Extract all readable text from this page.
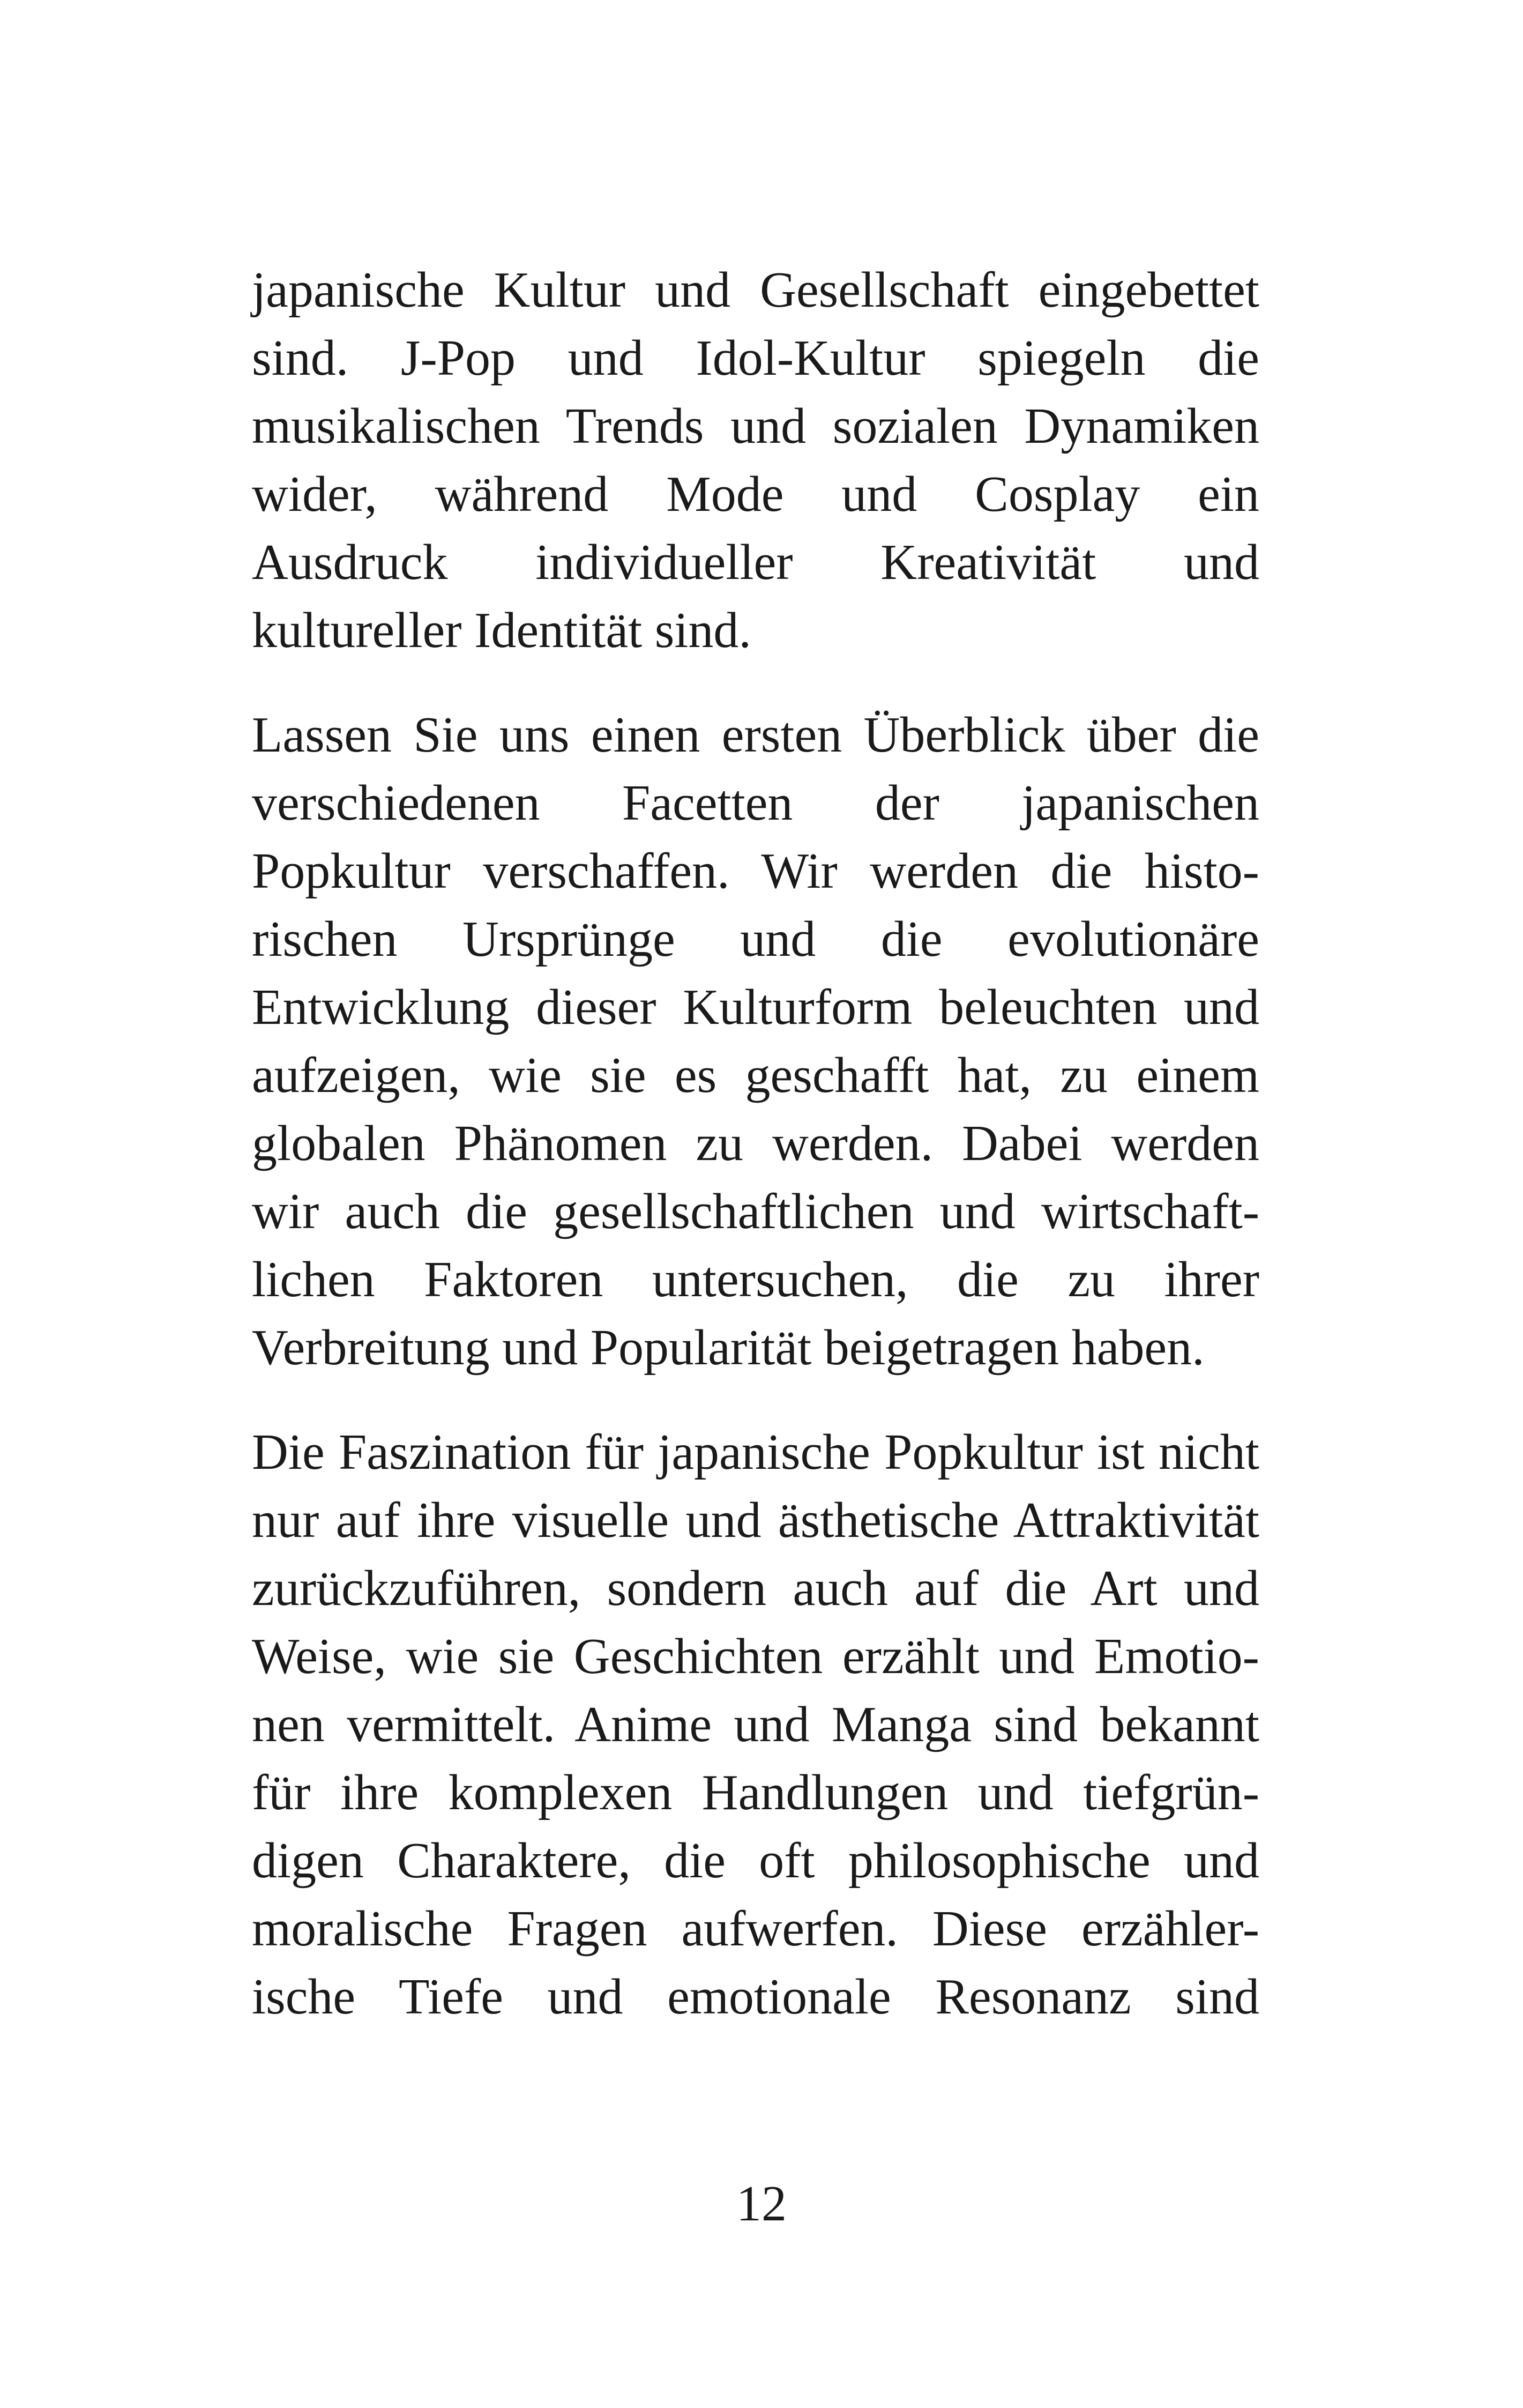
japanische Kultur und Gesellschaft eingebettet
sind. J-Pop und Idol-Kultur spiegeln die
musikalischen Trends und sozialen Dynamiken
wider, während Mode und Cosplay ein
Ausdruck individueller Kreativität und
kultureller Identität sind.
Lassen Sie uns einen ersten Überblick über die
verschiedenen Facetten der japanischen
Popkultur verschaffen. Wir werden die histo-
rischen Ursprünge und die evolutionäre
Entwicklung dieser Kulturform beleuchten und
aufzeigen, wie sie es geschafft hat, zu einem
globalen Phänomen zu werden. Dabei werden
wir auch die gesellschaftlichen und wirtschaft-
lichen Faktoren untersuchen, die zu ihrer
Verbreitung und Popularität beigetragen haben.
Die Faszination für japanische Popkultur ist nicht
nur auf ihre visuelle und ästhetische Attraktivität
zurückzuführen, sondern auch auf die Art und
Weise, wie sie Geschichten erzählt und Emotio-
nen vermittelt. Anime und Manga sind bekannt
für ihre komplexen Handlungen und tiefgrün-
digen Charaktere, die oft philosophische und
moralische Fragen aufwerfen. Diese erzähler-
ische Tiefe und emotionale Resonanz sind
12
